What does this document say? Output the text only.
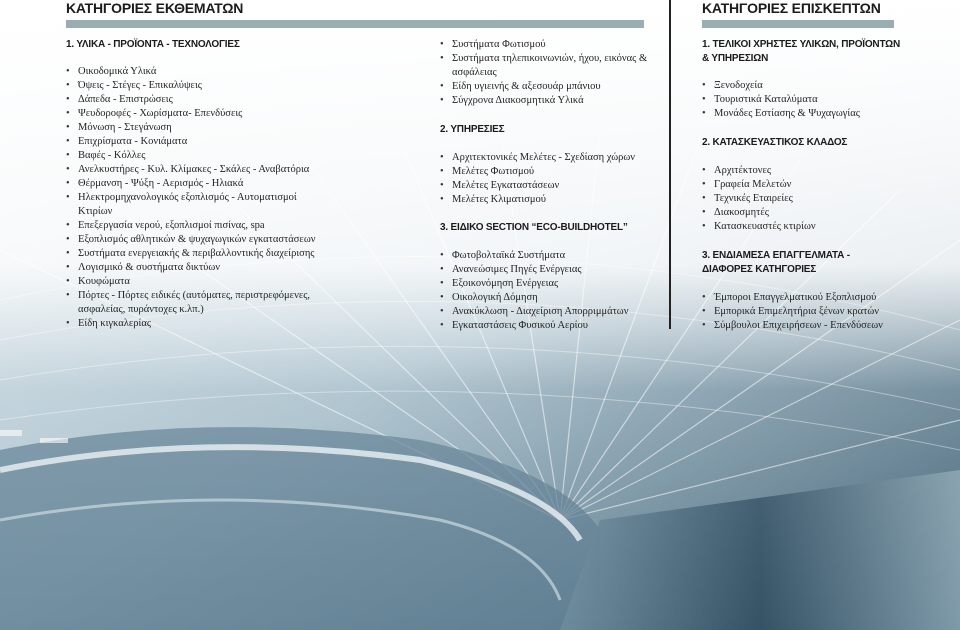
ΚΑΤΗΓΟΡΙΕΣ ΕΚΘΕΜΑΤΩΝ
1. ΥΛΙΚΑ - ΠΡΟΪΟΝΤΑ - ΤΕΧΝΟΛΟΓΙΕΣ
• Οικοδομικά Υλικά
• Όψεις - Στέγες - Επικαλύψεις
• Δάπεδα - Επιστρώσεις
• Ψευδοροφές - Χωρίσματα- Επενδύσεις
• Μόνωση - Στεγάνωση
• Επιχρίσματα - Κονιάματα
• Βαφές - Κόλλες
• Ανελκυστήρες - Κυλ. Κλίμακες - Σκάλες - Αναβατόρια
• Θέρμανση - Ψύξη - Αερισμός - Ηλιακά
• Ηλεκτρομηχανολογικός εξοπλισμός - Αυτοματισμοί Κτιρίων
• Επεξεργασία νερού, εξοπλισμοί πισίνας, spa
• Εξοπλισμός αθλητικών & ψυχαγωγικών εγκαταστάσεων
• Συστήματα ενεργειακής & περιβαλλοντικής διαχείρισης
• Λογισμικό & συστήματα δικτύων
• Κουφώματα
• Πόρτες - Πόρτες ειδικές (αυτόματες, περιστρεφόμενες, ασφαλείας, πυράντοχες κ.λπ.)
• Είδη κιγκαλερίας
• Συστήματα Φωτισμού
• Συστήματα τηλεπικοινωνιών, ήχου, εικόνας & ασφάλειας
• Είδη υγιεινής & αξεσουάρ μπάνιου
• Σύγχρονα Διακοσμητικά Υλικά
2. ΥΠΗΡΕΣΙΕΣ
• Αρχιτεκτονικές Μελέτες - Σχεδίαση χώρων
• Μελέτες Φωτισμού
• Μελέτες Εγκαταστάσεων
• Μελέτες Κλιματισμού
3. ΕΙΔΙΚΟ SECTION “ECO-BUILDHOTEL”
• Φωτοβολταϊκά Συστήματα
• Ανανεώσιμες Πηγές Ενέργειας
• Εξοικονόμηση Ενέργειας
• Οικολογική Δόμηση
• Ανακύκλωση - Διαχείριση Απορριμμάτων
• Εγκαταστάσεις Φυσικού Αερίου
ΚΑΤΗΓΟΡΙΕΣ ΕΠΙΣΚΕΠΤΩΝ
1. ΤΕΛΙΚΟΙ ΧΡΗΣΤΕΣ ΥΛΙΚΩΝ, ΠΡΟΪΟΝΤΩΝ & ΥΠΗΡΕΣΙΩΝ
• Ξενοδοχεία
• Τουριστικά Καταλύματα
• Μονάδες Εστίασης & Ψυχαγωγίας
2. ΚΑΤΑΣΚΕΥΑΣΤΙΚΟΣ ΚΛΑΔΟΣ
• Αρχιτέκτονες
• Γραφεία Μελετών
• Τεχνικές Εταιρείες
• Διακοσμητές
• Κατασκευαστές κτιρίων
3. ΕΝΔΙΑΜΕΣΑ ΕΠΑΓΓΕΛΜΑΤΑ - ΔΙΑΦΟΡΕΣ ΚΑΤΗΓΟΡΙΕΣ
• Έμποροι Επαγγελματικού Εξοπλισμού
• Εμπορικά Επιμελητήρια ξένων κρατών
• Σύμβουλοι Επιχειρήσεων - Επενδύσεων
